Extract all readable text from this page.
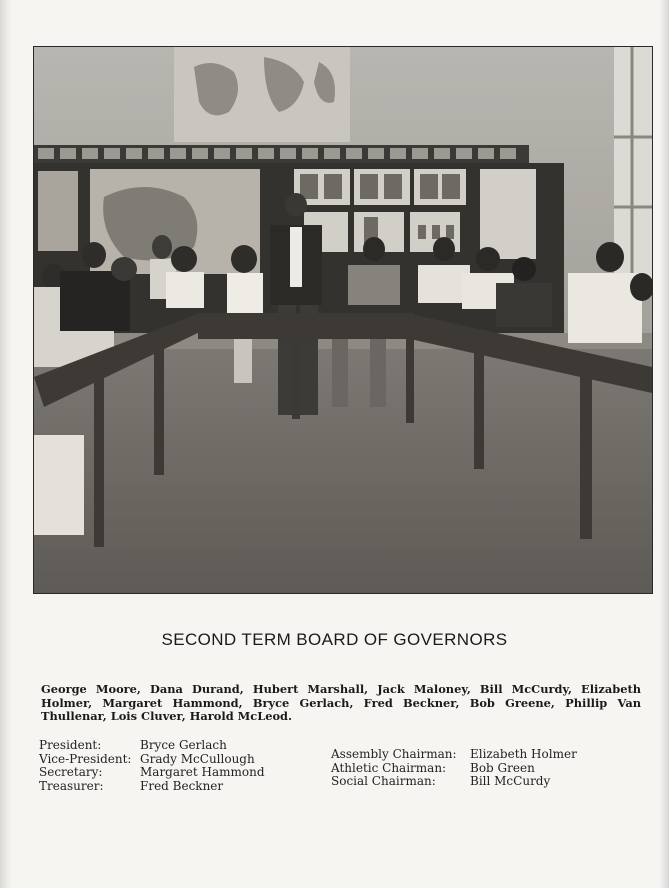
SECOND TERM BOARD OF GOVERNORS
George Moore, Dana Durand, Hubert Marshall, Jack Maloney, Bill McCurdy, Elizabeth Holmer, Margaret Hammond, Bryce Gerlach, Fred Beckner, Bob Greene, Phillip Van Thullenar, Lois Cluver, Harold McLeod.
President:	Bryce Gerlach
Vice-President: Grady McCullough
Secretary:	Margaret Hammond
Treasurer:	Fred Beckner
Assembly Chairman:	Elizabeth Holmer
Athletic Chairman:	Bob Green
Social Chairman:	Bill McCurdy
